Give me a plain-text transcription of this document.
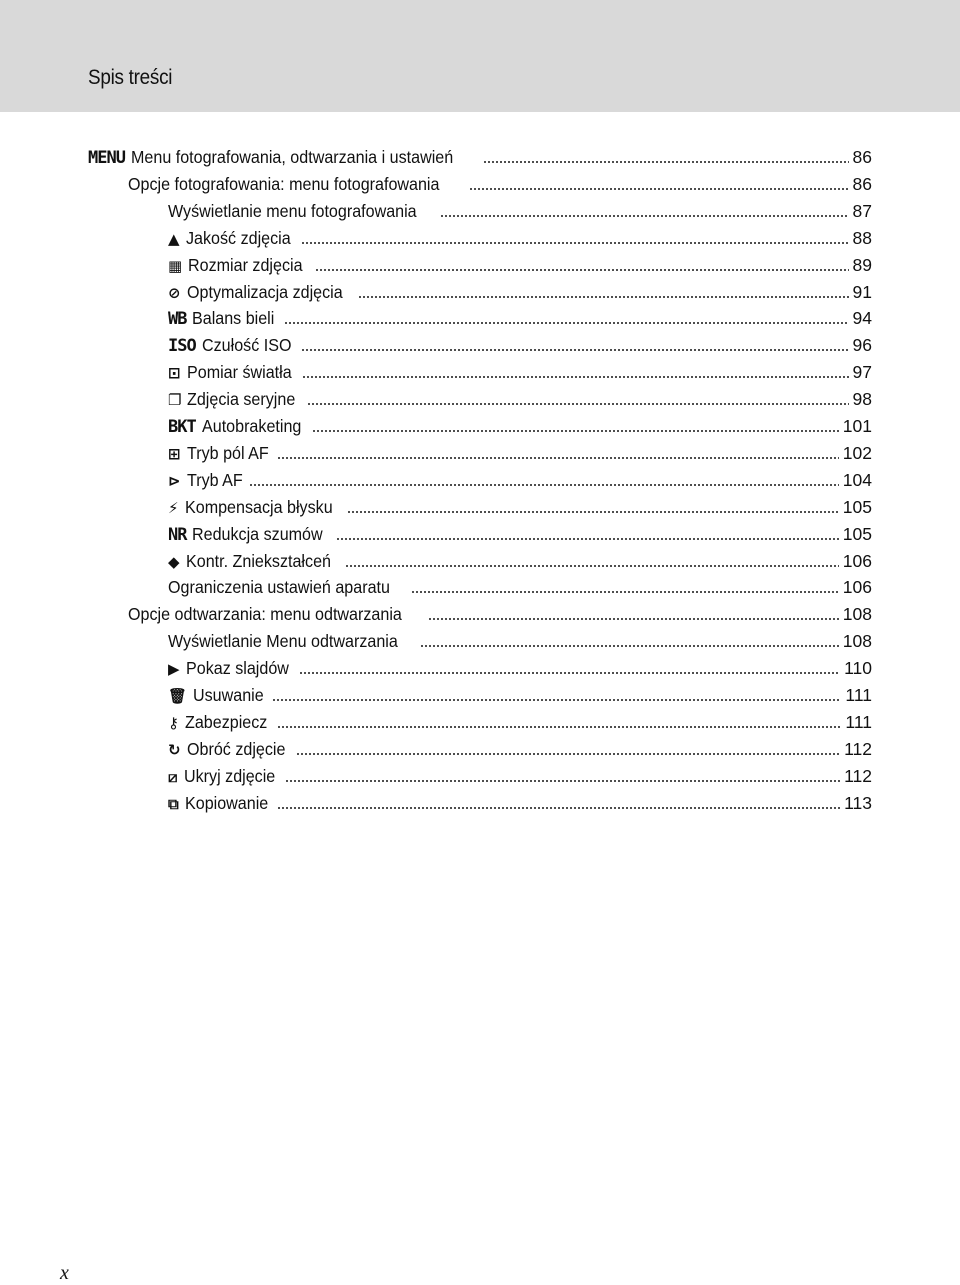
Spis treści
MENU Menu fotografowania, odtwarzania i ustawień	86
Opcje fotografowania: menu fotografowania	86
Wyświetlanie menu fotografowania	87
▲ Jakość zdjęcia	88
▦ Rozmiar zdjęcia	89
⊘ Optymalizacja zdjęcia	91
WB Balans bieli	94
ISO Czułość ISO	96
⊡ Pomiar światła	97
❐ Zdjęcia seryjne	98
BKT Autobraketing	101
⊞ Tryb pól AF	102
⊳ Tryb AF	104
⚡ Kompensacja błysku	105
NR Redukcja szumów	105
◆ Kontr. Zniekształceń	106
Ograniczenia ustawień aparatu	106
Opcje odtwarzania: menu odtwarzania	108
Wyświetlanie Menu odtwarzania	108
▶ Pokaz slajdów	110
🗑 Usuwanie	111
⚷ Zabezpiecz	111
↻ Obróć zdjęcie	112
⧄ Ukryj zdjęcie	112
⧉ Kopiowanie	113
x
